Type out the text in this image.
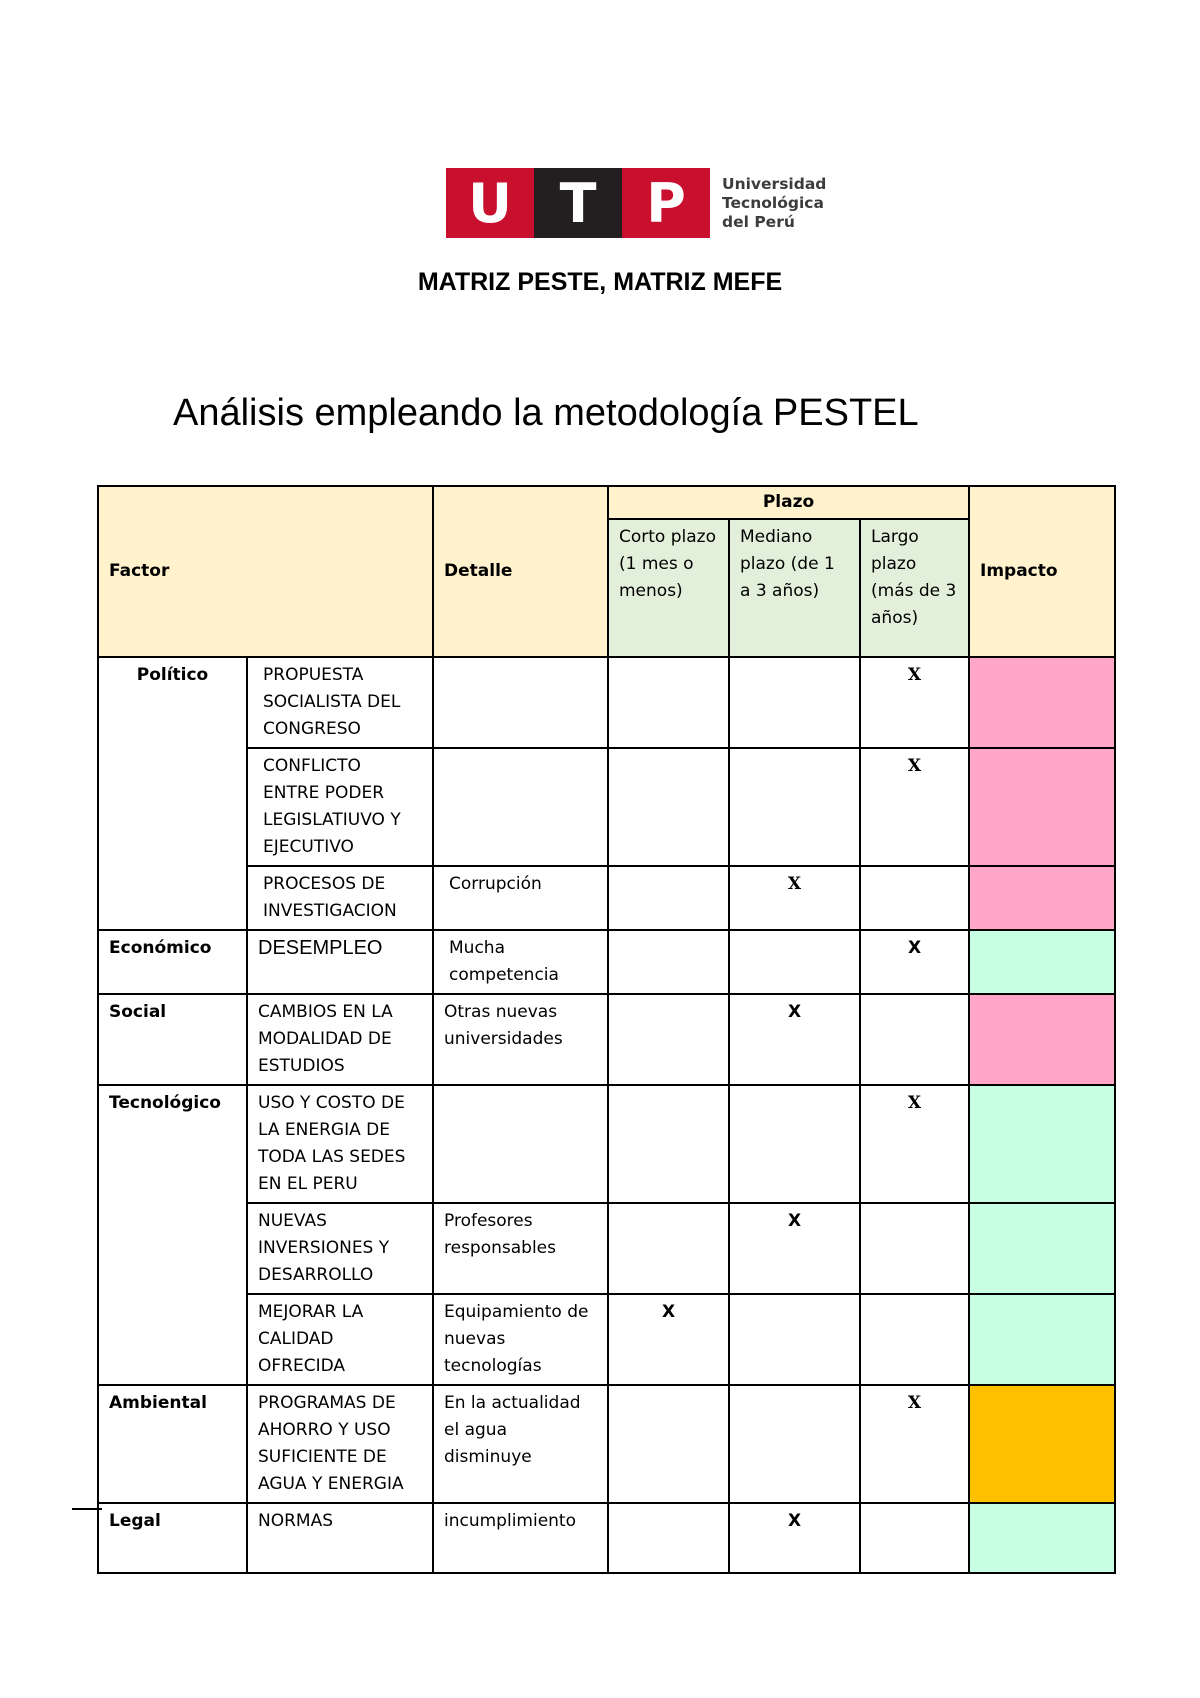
U T P	Universidad
Tecnológica
del Perú
MATRIZ PESTE, MATRIZ MEFE
Análisis empleando la metodología PESTEL
Factor		Detalle	Plazo			Impacto
			Corto plazo (1 mes o menos)	Mediano plazo (de 1 a 3 años)	Largo plazo (más de 3 años)	
Político	PROPUESTA SOCIALISTA DEL CONGRESO				X	
	CONFLICTO ENTRE PODER LEGISLATIUVO Y EJECUTIVO				X	
	PROCESOS DE INVESTIGACION	Corrupción		X		
Económico	DESEMPLEO	Mucha competencia			X	
Social	CAMBIOS EN LA MODALIDAD DE ESTUDIOS	Otras nuevas universidades		X		
Tecnológico	USO Y COSTO DE LA ENERGIA DE TODA LAS SEDES EN EL PERU				X	
	NUEVAS INVERSIONES Y DESARROLLO	Profesores responsables		X		
	MEJORAR LA CALIDAD OFRECIDA	Equipamiento de nuevas tecnologías	X			
Ambiental	PROGRAMAS DE AHORRO Y USO SUFICIENTE DE AGUA Y ENERGIA	En la actualidad el agua disminuye			X	
Legal	NORMAS	incumplimiento		X		
